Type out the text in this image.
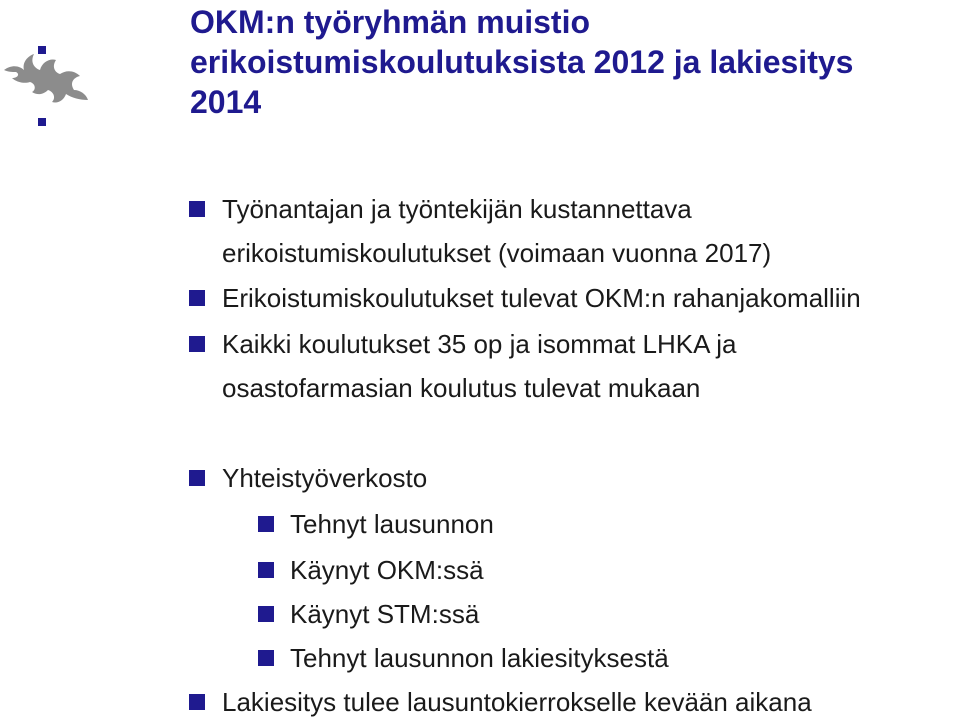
OKM:n työryhmän muistio
erikoistumiskoulutuksista 2012 ja lakiesitys
2014
Työnantajan ja työntekijän kustannettava
erikoistumiskoulutukset (voimaan vuonna 2017)
Erikoistumiskoulutukset tulevat OKM:n rahanjakomalliin
Kaikki koulutukset 35 op ja isommat LHKA ja
osastofarmasian koulutus tulevat mukaan
Yhteistyöverkosto
Tehnyt lausunnon
Käynyt OKM:ssä
Käynyt STM:ssä
Tehnyt lausunnon lakiesityksestä
Lakiesitys tulee lausuntokierrokselle kevään aikana
